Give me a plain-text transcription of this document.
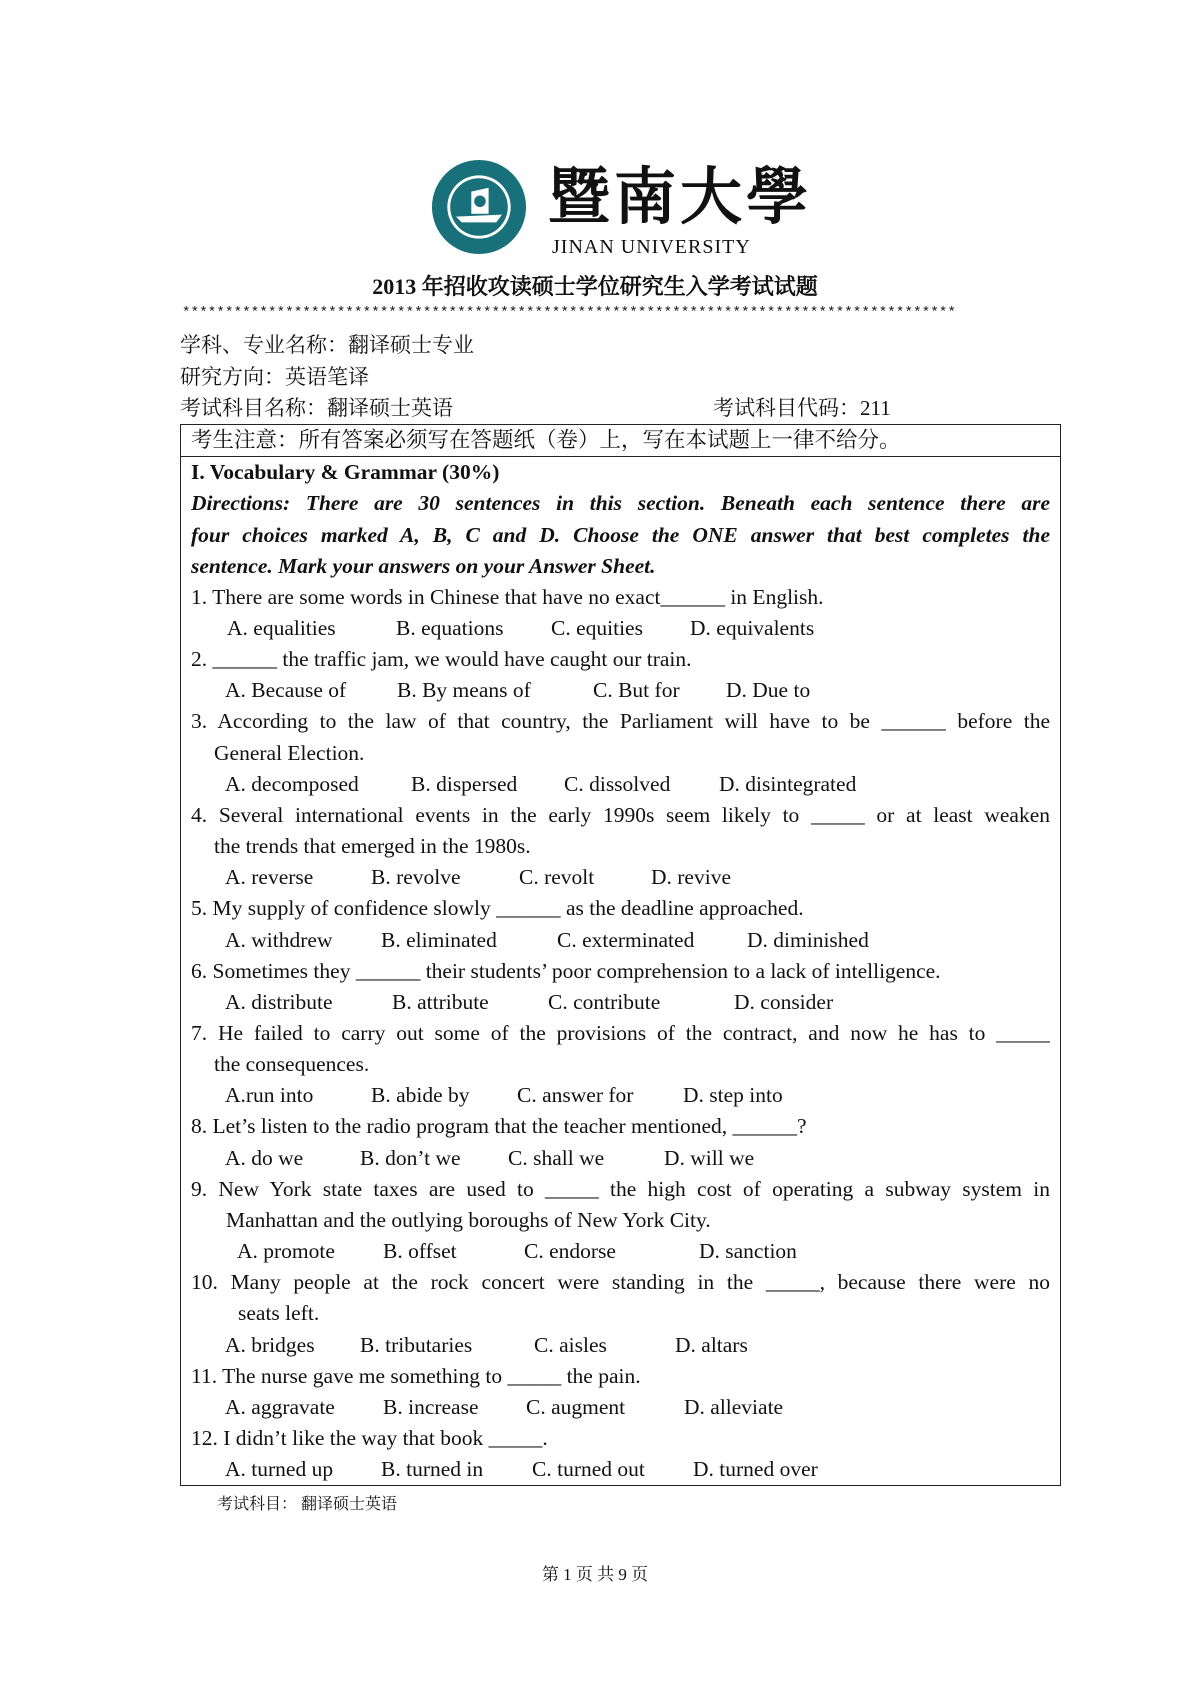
暨南大學
JINAN UNIVERSITY
2013 年招收攻读硕士学位研究生入学考试试题
******************************************************************************************
学科、专业名称：翻译硕士专业
研究方向：英语笔译
考试科目名称：翻译硕士英语	考试科目代码：211
考生注意：所有答案必须写在答题纸（卷）上，写在本试题上一律不给分。
I. Vocabulary & Grammar (30%)
Directions: There are 30 sentences in this section. Beneath each sentence there are
four choices marked A, B, C and D. Choose the ONE answer that best completes the
sentence. Mark your answers on your Answer Sheet.
1. There are some words in Chinese that have no exact______ in English.
A. equalities	B. equations C. equities D. equivalents
2. ______ the traffic jam, we would have caught our train.
A. Because of B. By means of	C. But for D. Due to
3. According to the law of that country, the Parliament will have to be ______ before the
General Election.
A. decomposed B. dispersed C. dissolved D. disintegrated
4. Several international events in the early 1990s seem likely to _____ or at least weaken
the trends that emerged in the 1980s.
A. reverse	B. revolve	C. revolt	D. revive
5. My supply of confidence slowly ______ as the deadline approached.
A. withdrew B. eliminated	C. exterminated D. diminished
6. Sometimes they ______ their students’ poor comprehension to a lack of intelligence.
A. distribute	B. attribute	C. contribute	D. consider
7. He failed to carry out some of the provisions of the contract, and now he has to _____
the consequences.
A.run into	B. abide by C. answer for D. step into
8. Let’s listen to the radio program that the teacher mentioned, ______?
A. do we	B. don’t we C. shall we	D. will we
9. New York state taxes are used to _____ the high cost of operating a subway system in
Manhattan and the outlying boroughs of New York City.
A. promote B. offset	C. endorse	D. sanction
10. Many people at the rock concert were standing in the _____, because there were no
seats left.
A. bridges B. tributaries	C. aisles	D. altars
11. The nurse gave me something to _____ the pain.
A. aggravate B. increase C. augment	D. alleviate
12. I didn’t like the way that book _____.
A. turned up B. turned in C. turned out D. turned over
考试科目： 翻译硕士英语
第 1 页 共 9 页
